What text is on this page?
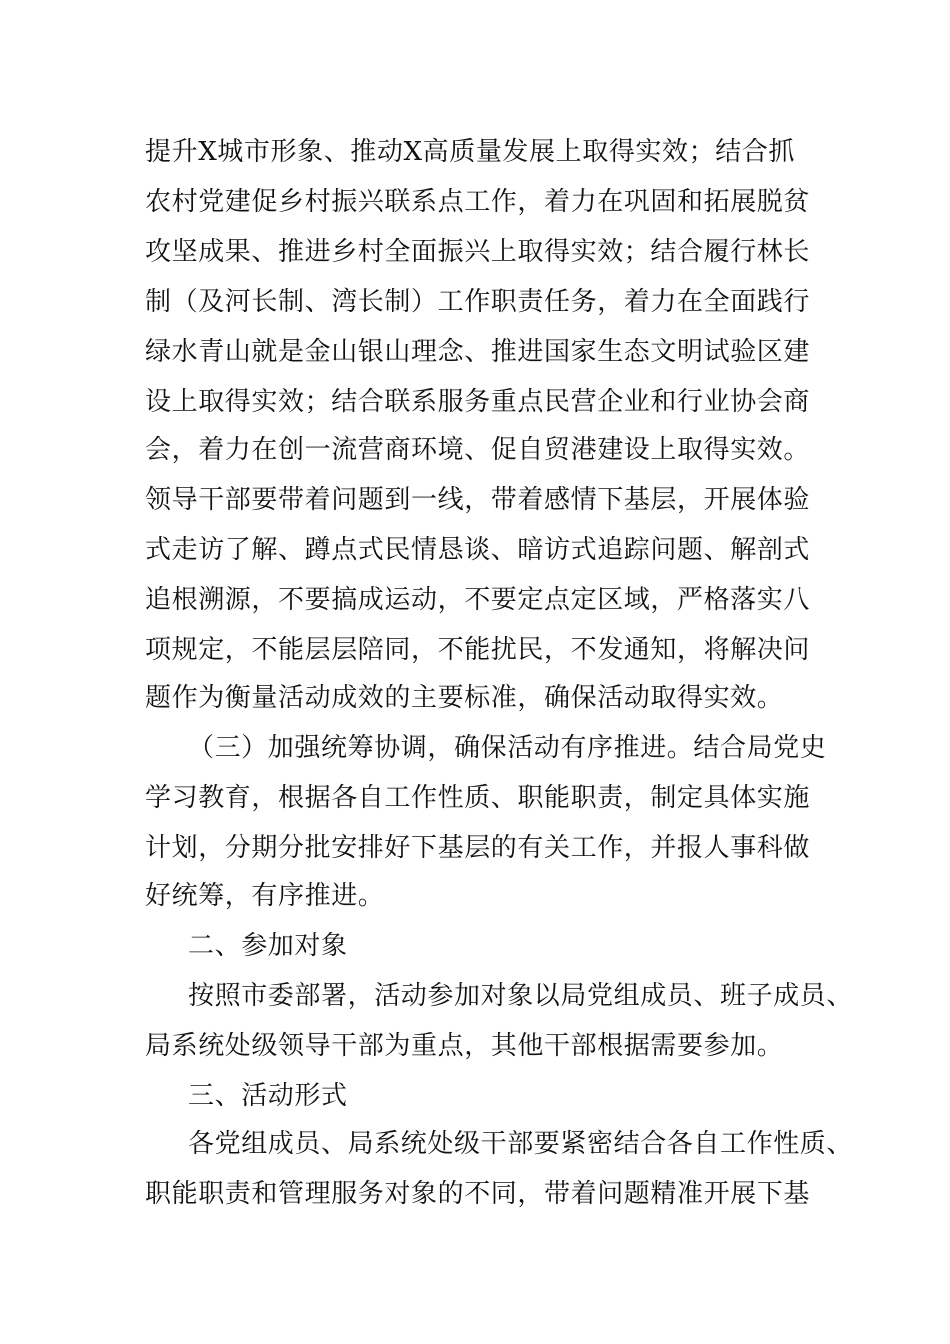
提升X城市形象、推动X高质量发展上取得实效；结合抓
农村党建促乡村振兴联系点工作，着力在巩固和拓展脱贫
攻坚成果、推进乡村全面振兴上取得实效；结合履行林长
制（及河长制、湾长制）工作职责任务，着力在全面践行
绿水青山就是金山银山理念、推进国家生态文明试验区建
设上取得实效；结合联系服务重点民营企业和行业协会商
会，着力在创一流营商环境、促自贸港建设上取得实效。
领导干部要带着问题到一线，带着感情下基层，开展体验
式走访了解、蹲点式民情恳谈、暗访式追踪问题、解剖式
追根溯源，不要搞成运动，不要定点定区域，严格落实八
项规定，不能层层陪同，不能扰民，不发通知，将解决问
题作为衡量活动成效的主要标准，确保活动取得实效。
（三）加强统筹协调，确保活动有序推进。结合局党史
学习教育，根据各自工作性质、职能职责，制定具体实施
计划，分期分批安排好下基层的有关工作，并报人事科做
好统筹，有序推进。
二、参加对象
按照市委部署，活动参加对象以局党组成员、班子成员、
局系统处级领导干部为重点，其他干部根据需要参加。
三、活动形式
各党组成员、局系统处级干部要紧密结合各自工作性质、
职能职责和管理服务对象的不同，带着问题精准开展下基
